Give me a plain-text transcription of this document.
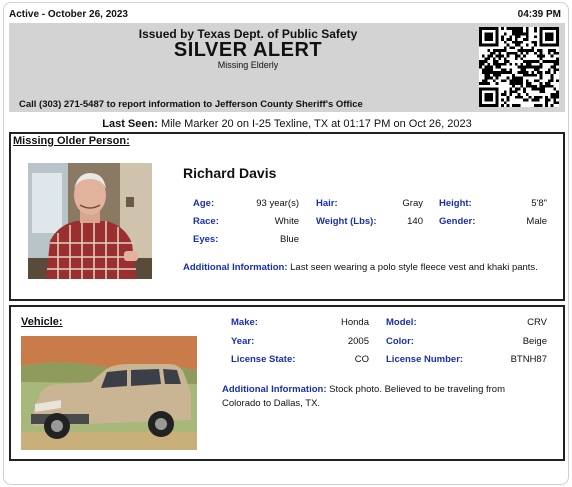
Active - October 26, 2023	04:39 PM
Issued by Texas Dept. of Public Safety
SILVER ALERT
Missing Elderly
Call (303) 271-5487 to report information to Jefferson County Sheriff's Office
Last Seen: Mile Marker 20 on I-25 Texline, TX at 01:17 PM on Oct 26, 2023
Missing Older Person:
Richard Davis
Age:	93 year(s) Hair:	Gray Height:	5'8"
Race:	White Weight (Lbs):	140 Gender:	Male
Eyes:	Blue
Additional Information: Last seen wearing a polo style fleece vest and khaki pants.
Vehicle:	Make:	Honda Model:	CRV
Year:	2005 Color:	Beige
License State:	CO License Number:	BTNH87
Additional Information: Stock photo. Believed to be traveling from Colorado to Dallas, TX.
